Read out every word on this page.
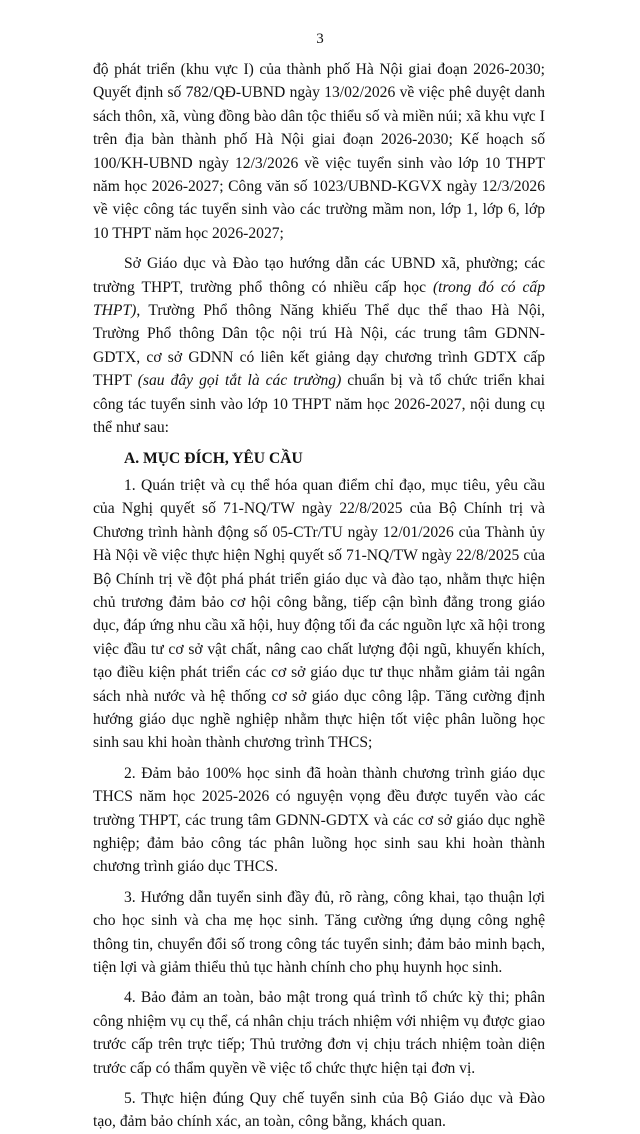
3

độ phát triển (khu vực I) của thành phố Hà Nội giai đoạn 2026-2030; Quyết định số 782/QĐ-UBND ngày 13/02/2026 về việc phê duyệt danh sách thôn, xã, vùng đồng bào dân tộc thiểu số và miền núi; xã khu vực I trên địa bàn thành phố Hà Nội giai đoạn 2026-2030; Kế hoạch số 100/KH-UBND ngày 12/3/2026 về việc tuyển sinh vào lớp 10 THPT năm học 2026-2027; Công văn số 1023/UBND-KGVX ngày 12/3/2026 về việc công tác tuyển sinh vào các trường mầm non, lớp 1, lớp 6, lớp 10 THPT năm học 2026-2027;

Sở Giáo dục và Đào tạo hướng dẫn các UBND xã, phường; các trường THPT, trường phổ thông có nhiều cấp học (trong đó có cấp THPT), Trường Phổ thông Năng khiếu Thể dục thể thao Hà Nội, Trường Phổ thông Dân tộc nội trú Hà Nội, các trung tâm GDNN-GDTX, cơ sở GDNN có liên kết giảng dạy chương trình GDTX cấp THPT (sau đây gọi tắt là các trường) chuẩn bị và tổ chức triển khai công tác tuyển sinh vào lớp 10 THPT năm học 2026-2027, nội dung cụ thể như sau:

A. MỤC ĐÍCH, YÊU CẦU

1. Quán triệt và cụ thể hóa quan điểm chỉ đạo, mục tiêu, yêu cầu của Nghị quyết số 71-NQ/TW ngày 22/8/2025 của Bộ Chính trị và Chương trình hành động số 05-CTr/TU ngày 12/01/2026 của Thành ủy Hà Nội về việc thực hiện Nghị quyết số 71-NQ/TW ngày 22/8/2025 của Bộ Chính trị về đột phá phát triển giáo dục và đào tạo, nhằm thực hiện chủ trương đảm bảo cơ hội công bằng, tiếp cận bình đẳng trong giáo dục, đáp ứng nhu cầu xã hội, huy động tối đa các nguồn lực xã hội trong việc đầu tư cơ sở vật chất, nâng cao chất lượng đội ngũ, khuyến khích, tạo điều kiện phát triển các cơ sở giáo dục tư thục nhằm giảm tải ngân sách nhà nước và hệ thống cơ sở giáo dục công lập. Tăng cường định hướng giáo dục nghề nghiệp nhằm thực hiện tốt việc phân luồng học sinh sau khi hoàn thành chương trình THCS;

2. Đảm bảo 100% học sinh đã hoàn thành chương trình giáo dục THCS năm học 2025-2026 có nguyện vọng đều được tuyển vào các trường THPT, các trung tâm GDNN-GDTX và các cơ sở giáo dục nghề nghiệp; đảm bảo công tác phân luồng học sinh sau khi hoàn thành chương trình giáo dục THCS.

3. Hướng dẫn tuyển sinh đầy đủ, rõ ràng, công khai, tạo thuận lợi cho học sinh và cha mẹ học sinh. Tăng cường ứng dụng công nghệ thông tin, chuyển đổi số trong công tác tuyển sinh; đảm bảo minh bạch, tiện lợi và giảm thiểu thủ tục hành chính cho phụ huynh học sinh.

4. Bảo đảm an toàn, bảo mật trong quá trình tổ chức kỳ thi; phân công nhiệm vụ cụ thể, cá nhân chịu trách nhiệm với nhiệm vụ được giao trước cấp trên trực tiếp; Thủ trưởng đơn vị chịu trách nhiệm toàn diện trước cấp có thẩm quyền về việc tổ chức thực hiện tại đơn vị.

5. Thực hiện đúng Quy chế tuyển sinh của Bộ Giáo dục và Đào tạo, đảm bảo chính xác, an toàn, công bằng, khách quan.
